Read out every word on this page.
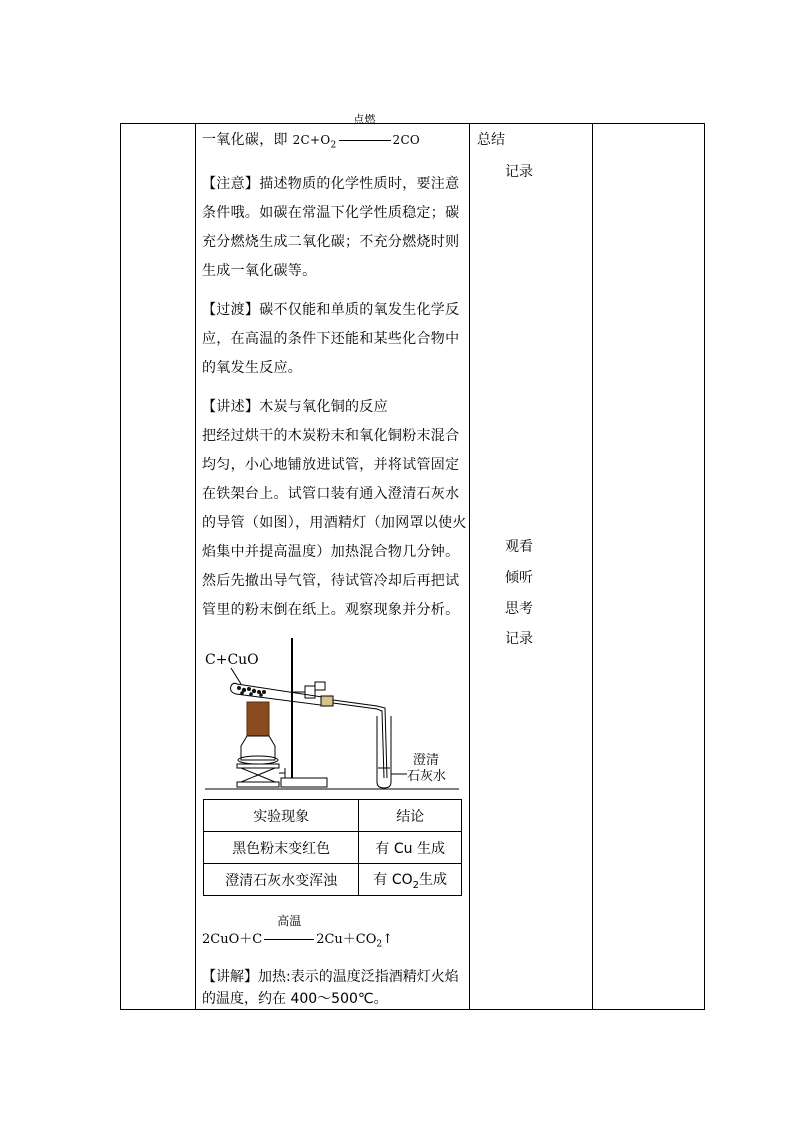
一氧化碳，即 $2C+O_2$
点燃
2CO
【注意】描述物质的化学性质时，要注意
条件哦。如碳在常温下化学性质稳定；碳
充分燃烧生成二氧化碳；不充分燃烧时则
生成一氧化碳等。
【过渡】碳不仅能和单质的氧发生化学反
应，在高温的条件下还能和某些化合物中
的氧发生反应。
【讲述】木炭与氧化铜的反应
把经过烘干的木炭粉末和氧化铜粉末混合
均匀，小心地铺放进试管，并将试管固定
在铁架台上。试管口装有通入澄清石灰水
的导管（如图），用酒精灯（加网罩以使火
焰集中并提高温度）加热混合物几分钟。
然后先撤出导气管，待试管冷却后再把试
管里的粉末倒在纸上。观察现象并分析。
C+CuO
澄清
石灰水
实验现象	结论
黑色粉末变红色	有 Cu 生成
澄清石灰水变浑浊	有 $CO_2$生成
2CuO＋C
高温
$2Cu+CO_2↑$
【讲解】加热:表示的温度泛指酒精灯火焰的温度，约在 400～500℃。
总结
记录
观看
倾听
思考
记录
